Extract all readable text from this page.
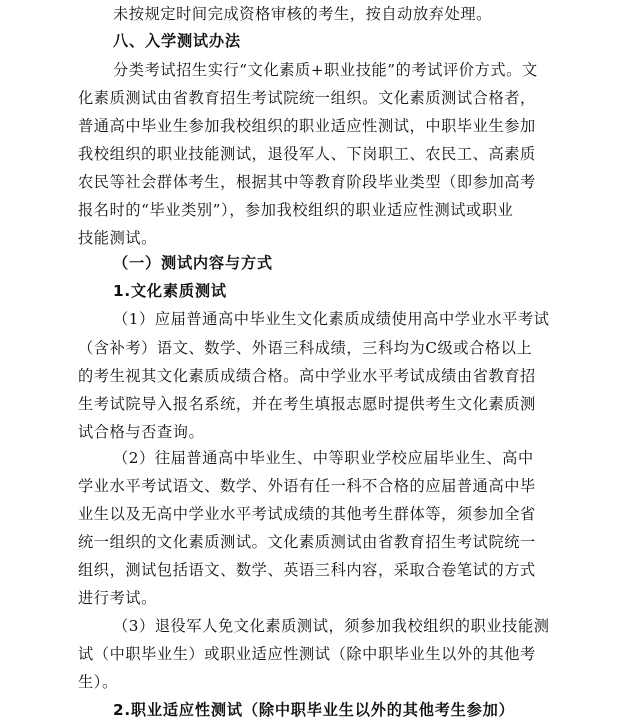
未按规定时间完成资格审核的考生，按自动放弃处理。
八、入学测试办法
分类考试招生实行“文化素质+职业技能”的考试评价方式。文
化素质测试由省教育招生考试院统一组织。文化素质测试合格者，
普通高中毕业生参加我校组织的职业适应性测试，中职毕业生参加
我校组织的职业技能测试，退役军人、下岗职工、农民工、高素质
农民等社会群体考生，根据其中等教育阶段毕业类型（即参加高考
报名时的“毕业类别”），参加我校组织的职业适应性测试或职业
技能测试。
（一）测试内容与方式
1.文化素质测试
（1）应届普通高中毕业生文化素质成绩使用高中学业水平考试
（含补考）语文、数学、外语三科成绩，三科均为C级或合格以上
的考生视其文化素质成绩合格。高中学业水平考试成绩由省教育招
生考试院导入报名系统，并在考生填报志愿时提供考生文化素质测
试合格与否查询。
（2）往届普通高中毕业生、中等职业学校应届毕业生、高中
学业水平考试语文、数学、外语有任一科不合格的应届普通高中毕
业生以及无高中学业水平考试成绩的其他考生群体等，须参加全省
统一组织的文化素质测试。文化素质测试由省教育招生考试院统一
组织，测试包括语文、数学、英语三科内容，采取合卷笔试的方式
进行考试。
（3）退役军人免文化素质测试，须参加我校组织的职业技能测
试（中职毕业生）或职业适应性测试（除中职毕业生以外的其他考
生）。
2.职业适应性测试（除中职毕业生以外的其他考生参加）
